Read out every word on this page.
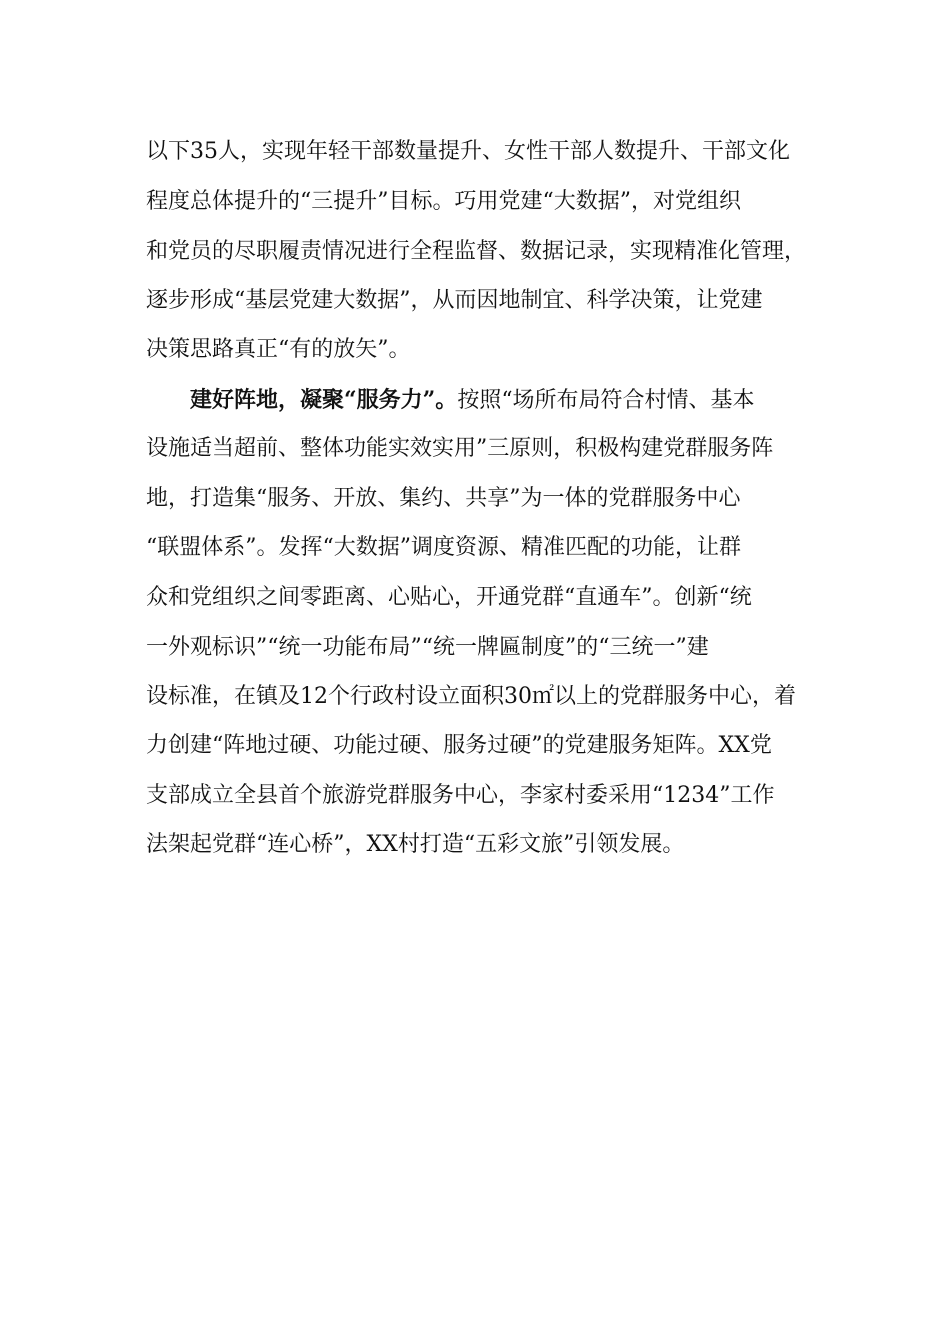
以下35人，实现年轻干部数量提升、女性干部人数提升、干部文化
程度总体提升的“三提升”目标。巧用党建“大数据”，对党组织
和党员的尽职履责情况进行全程监督、数据记录，实现精准化管理，
逐步形成“基层党建大数据”，从而因地制宜、科学决策，让党建
决策思路真正“有的放矢”。
建好阵地，凝聚“服务力”。按照“场所布局符合村情、基本
设施适当超前、整体功能实效实用”三原则，积极构建党群服务阵
地，打造集“服务、开放、集约、共享”为一体的党群服务中心
“联盟体系”。发挥“大数据”调度资源、精准匹配的功能，让群
众和党组织之间零距离、心贴心，开通党群“直通车”。创新“统
一外观标识”“统一功能布局”“统一牌匾制度”的“三统一”建
设标准，在镇及12个行政村设立面积30㎡以上的党群服务中心，着
力创建“阵地过硬、功能过硬、服务过硬”的党建服务矩阵。XX党
支部成立全县首个旅游党群服务中心，李家村委采用“1234”工作
法架起党群“连心桥”，XX村打造“五彩文旅”引领发展。
